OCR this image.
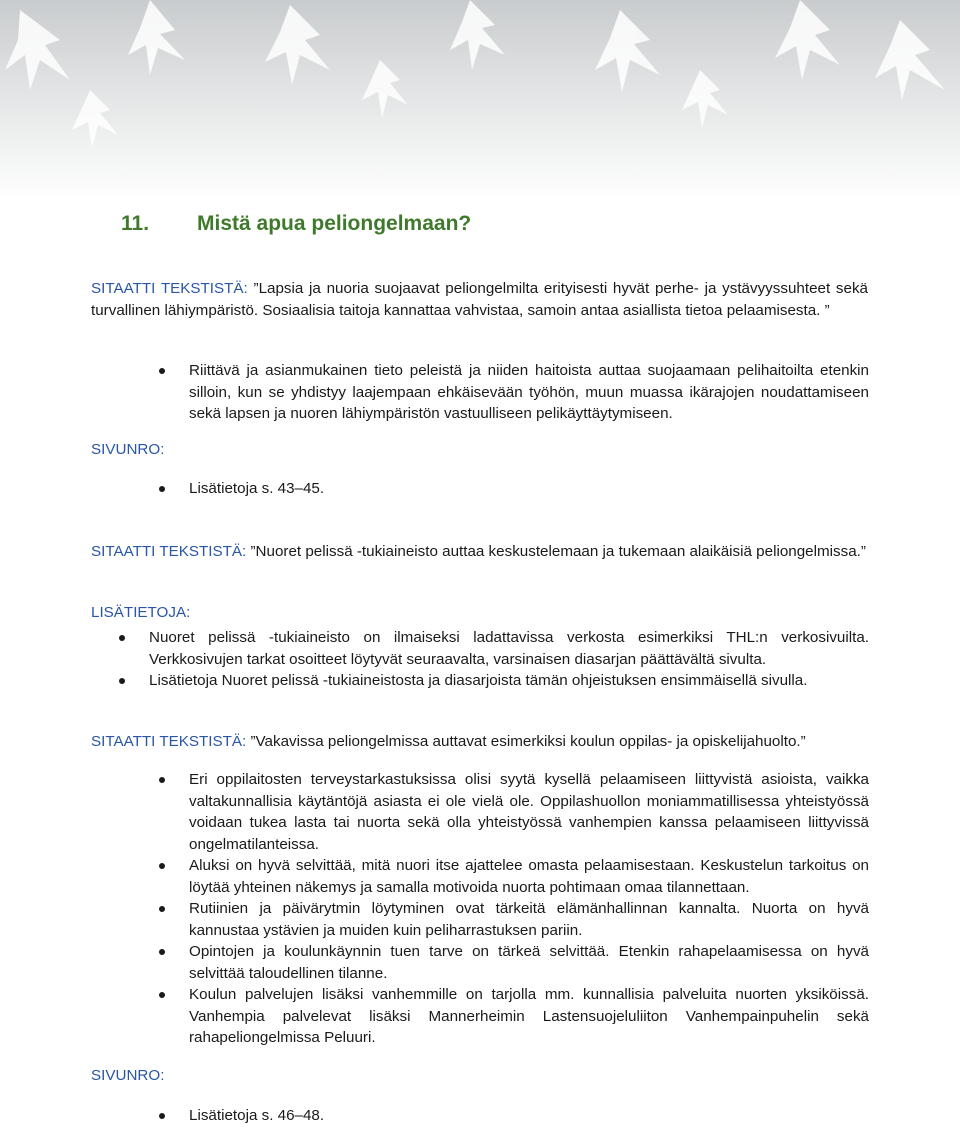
11. Mistä apua peliongelmaan?
SITAATTI TEKSTISTÄ: ”Lapsia ja nuoria suojaavat peliongelmilta erityisesti hyvät perhe- ja ystävyyssuhteet sekä turvallinen lähiympäristö. Sosiaalisia taitoja kannattaa vahvistaa, samoin antaa asiallista tietoa pelaamisesta. ”
Riittävä ja asianmukainen tieto peleistä ja niiden haitoista auttaa suojaamaan pelihaitoilta etenkin silloin, kun se yhdistyy laajempaan ehkäisevään työhön, muun muassa ikärajojen noudattamiseen sekä lapsen ja nuoren lähiympäristön vastuulliseen pelikäyttäytymiseen.
SIVUNRO:
Lisätietoja s. 43–45.
SITAATTI TEKSTISTÄ: ”Nuoret pelissä -tukiaineisto auttaa keskustelemaan ja tukemaan alaikäisiä peliongelmissa.”
LISÄTIETOJA:
Nuoret pelissä -tukiaineisto on ilmaiseksi ladattavissa verkosta esimerkiksi THL:n verkosivuilta. Verkkosivujen tarkat osoitteet löytyvät seuraavalta, varsinaisen diasarjan päättävältä sivulta.
Lisätietoja Nuoret pelissä -tukiaineistosta ja diasarjoista tämän ohjeistuksen ensimmäisellä sivulla.
SITAATTI TEKSTISTÄ: ”Vakavissa peliongelmissa auttavat esimerkiksi koulun oppilas- ja opiskelijahuolto.”
Eri oppilaitosten terveystarkastuksissa olisi syytä kysellä pelaamiseen liittyvistä asioista, vaikka valtakunnallisia käytäntöjä asiasta ei ole vielä ole. Oppilashuollon moniammatillisessa yhteistyössä voidaan tukea lasta tai nuorta sekä olla yhteistyössä vanhempien kanssa pelaamiseen liittyvissä ongelmatilanteissa.
Aluksi on hyvä selvittää, mitä nuori itse ajattelee omasta pelaamisestaan. Keskustelun tarkoitus on löytää yhteinen näkemys ja samalla motivoida nuorta pohtimaan omaa tilannettaan.
Rutiinien ja päivärytmin löytyminen ovat tärkeitä elämänhallinnan kannalta. Nuorta on hyvä kannustaa ystävien ja muiden kuin peliharrastuksen pariin.
Opintojen ja koulunkäynnin tuen tarve on tärkeä selvittää. Etenkin rahapelaamisessa on hyvä selvittää taloudellinen tilanne.
Koulun palvelujen lisäksi vanhemmille on tarjolla mm. kunnallisia palveluita nuorten yksiköissä. Vanhempia palvelevat lisäksi Mannerheimin Lastensuojeluliiton Vanhempainpuhelin sekä rahapeliongelmissa Peluuri.
SIVUNRO:
Lisätietoja s. 46–48.
